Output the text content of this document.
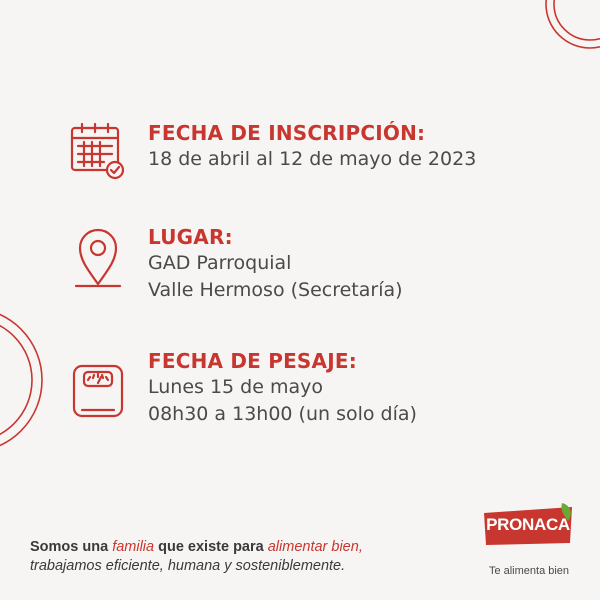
FECHA DE INSCRIPCIÓN:
18 de abril al 12 de mayo de 2023
LUGAR:
GAD Parroquial
Valle Hermoso (Secretaría)
FECHA DE PESAJE:
Lunes 15 de mayo
08h30 a 13h00 (un solo día)
Somos una familia que existe para alimentar bien,
trabajamos eficiente, humana y sosteniblemente.
PRONACA
Te alimenta bien
